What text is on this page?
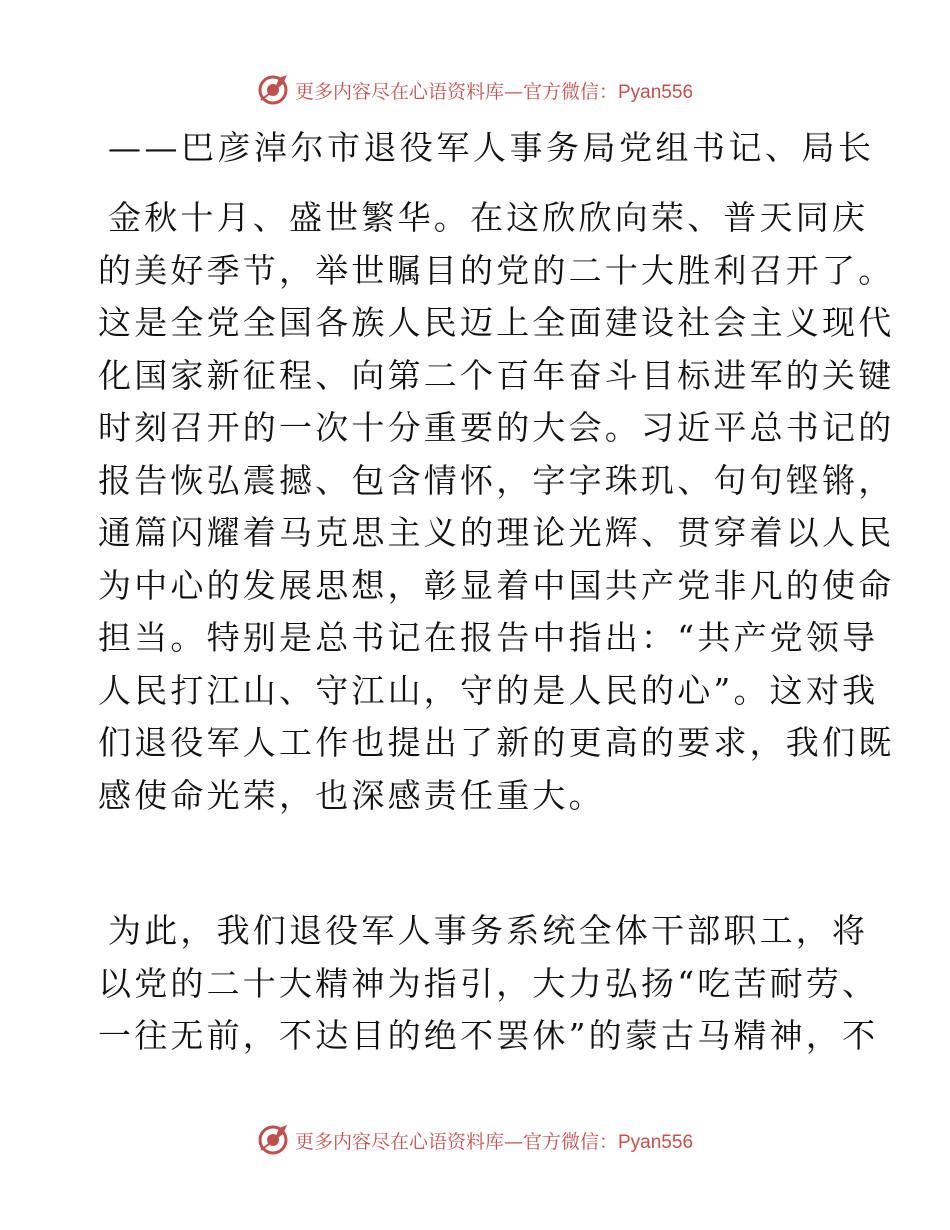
更多内容尽在心语资料库—官方微信：Pyan556
——巴彦淖尔市退役军人事务局党组书记、局长
金秋十月、盛世繁华。在这欣欣向荣、普天同庆
的美好季节，举世瞩目的党的二十大胜利召开了。
这是全党全国各族人民迈上全面建设社会主义现代
化国家新征程、向第二个百年奋斗目标进军的关键
时刻召开的一次十分重要的大会。习近平总书记的
报告恢弘震撼、包含情怀，字字珠玑、句句铿锵，
通篇闪耀着马克思主义的理论光辉、贯穿着以人民
为中心的发展思想，彰显着中国共产党非凡的使命
担当。特别是总书记在报告中指出：“共产党领导
人民打江山、守江山，守的是人民的心”。这对我
们退役军人工作也提出了新的更高的要求，我们既
感使命光荣，也深感责任重大。
为此，我们退役军人事务系统全体干部职工，将
以党的二十大精神为指引，大力弘扬“吃苦耐劳、
一往无前，不达目的绝不罢休”的蒙古马精神，不
更多内容尽在心语资料库—官方微信：Pyan556
